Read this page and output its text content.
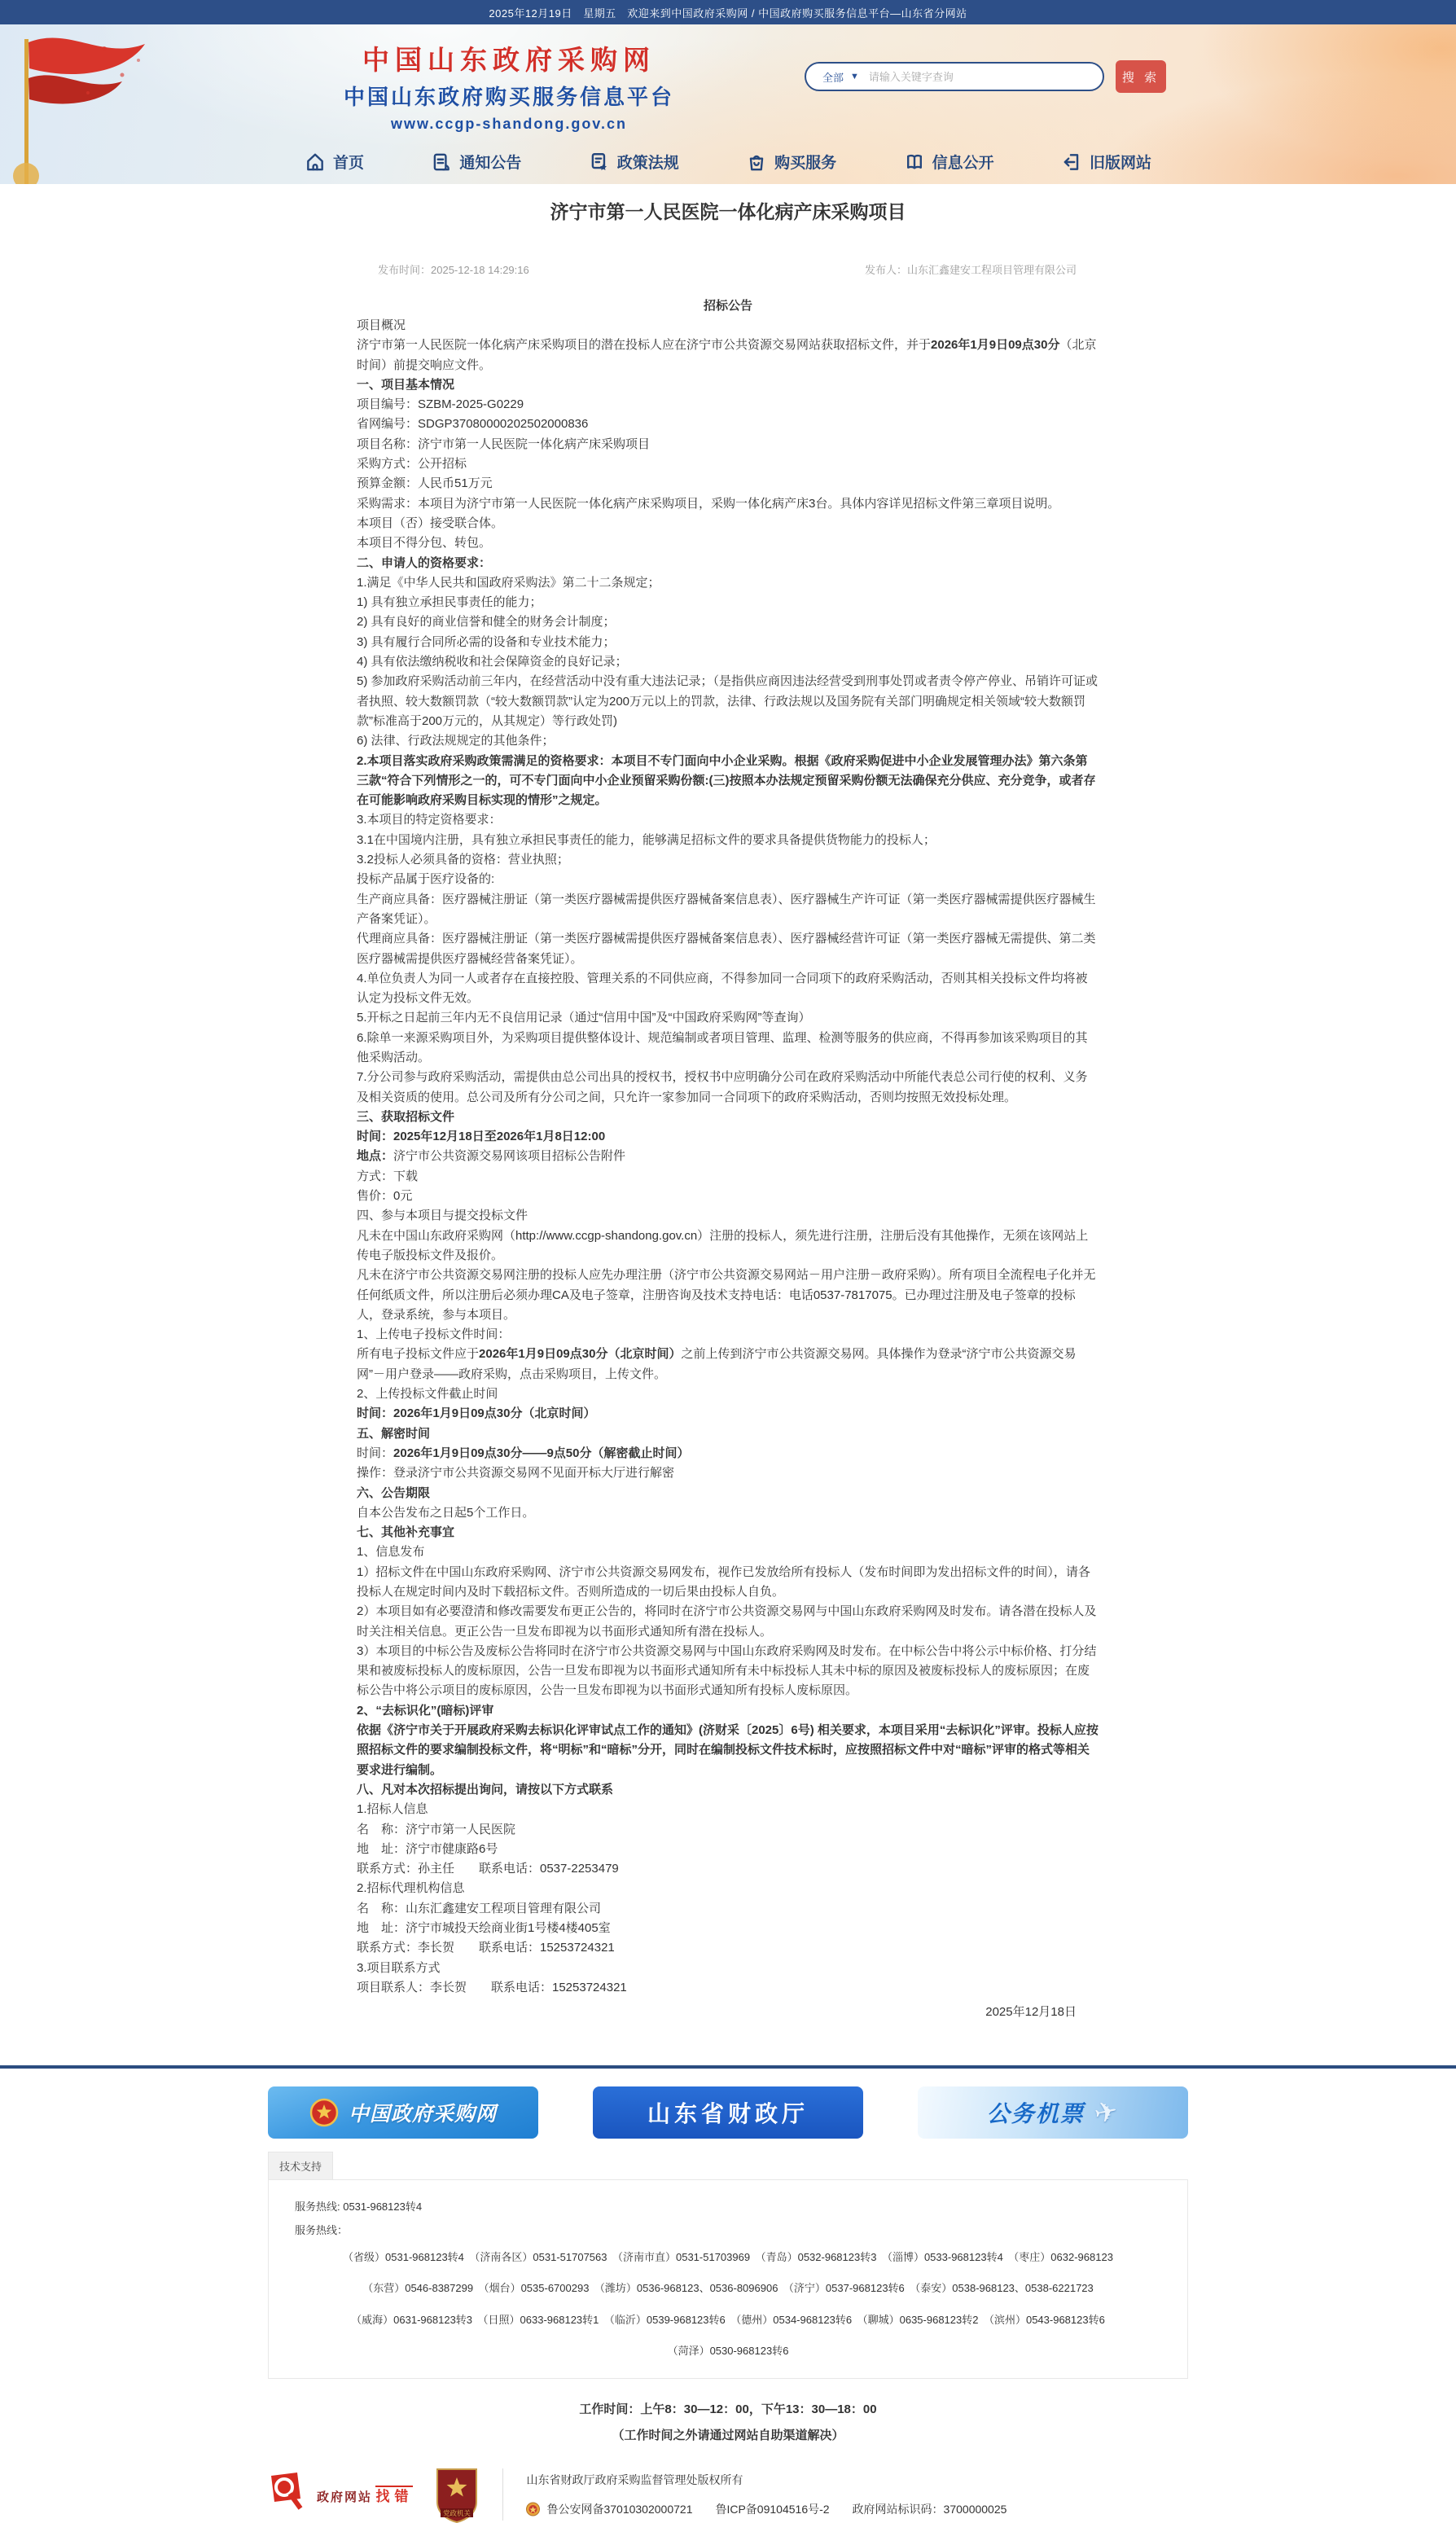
2025年12月19日　星期五　欢迎来到中国政府采购网 / 中国政府购买服务信息平台—山东省分网站
中国山东政府采购网
中国山东政府购买服务信息平台
www.ccgp-shandong.gov.cn
全部 ▼
请输入关键字查询	搜 索
首页	通知公告	政策法规	购买服务	信息公开	旧版网站
济宁市第一人民医院一体化病产床采购项目
发布时间：2025-12-18 14:29:16	发布人：山东汇鑫建安工程项目管理有限公司
招标公告

项目概况

济宁市第一人民医院一体化病产床采购项目的潜在投标人应在济宁市公共资源交易网站获取招标文件，并于2026年1月9日09点30分（北京时间）前提交响应文件。

一、项目基本情况

项目编号：SZBM-2025-G0229

省网编号：SDGP37080000202502000836

项目名称：济宁市第一人民医院一体化病产床采购项目

采购方式：公开招标

预算金额：人民币51万元

采购需求：本项目为济宁市第一人民医院一体化病产床采购项目，采购一体化病产床3台。具体内容详见招标文件第三章项目说明。

本项目（否）接受联合体。

本项目不得分包、转包。

二、申请人的资格要求：

1.满足《中华人民共和国政府采购法》第二十二条规定；

1) 具有独立承担民事责任的能力；

2) 具有良好的商业信誉和健全的财务会计制度；

3) 具有履行合同所必需的设备和专业技术能力；

4) 具有依法缴纳税收和社会保障资金的良好记录；

5) 参加政府采购活动前三年内，在经营活动中没有重大违法记录；（是指供应商因违法经营受到刑事处罚或者责令停产停业、吊销许可证或者执照、较大数额罚款（“较大数额罚款”认定为200万元以上的罚款，法律、行政法规以及国务院有关部门明确规定相关领域“较大数额罚款”标准高于200万元的，从其规定）等行政处罚)

6) 法律、行政法规规定的其他条件；

2.本项目落实政府采购政策需满足的资格要求：本项目不专门面向中小企业采购。根据《政府采购促进中小企业发展管理办法》第六条第三款“符合下列情形之一的，可不专门面向中小企业预留采购份额:(三)按照本办法规定预留采购份额无法确保充分供应、充分竞争，或者存在可能影响政府采购目标实现的情形”之规定。

3.本项目的特定资格要求：

3.1在中国境内注册，具有独立承担民事责任的能力，能够满足招标文件的要求具备提供货物能力的投标人；

3.2投标人必须具备的资格：营业执照；

投标产品属于医疗设备的:

生产商应具备：医疗器械注册证（第一类医疗器械需提供医疗器械备案信息表）、医疗器械生产许可证（第一类医疗器械需提供医疗器械生产备案凭证）。

代理商应具备：医疗器械注册证（第一类医疗器械需提供医疗器械备案信息表）、医疗器械经营许可证（第一类医疗器械无需提供、第二类医疗器械需提供医疗器械经营备案凭证）。

4.单位负责人为同一人或者存在直接控股、管理关系的不同供应商，不得参加同一合同项下的政府采购活动，否则其相关投标文件均将被认定为投标文件无效。

5.开标之日起前三年内无不良信用记录（通过“信用中国”及“中国政府采购网”等查询）

6.除单一来源采购项目外，为采购项目提供整体设计、规范编制或者项目管理、监理、检测等服务的供应商，不得再参加该采购项目的其他采购活动。

7.分公司参与政府采购活动，需提供由总公司出具的授权书，授权书中应明确分公司在政府采购活动中所能代表总公司行使的权利、义务及相关资质的使用。总公司及所有分公司之间，只允许一家参加同一合同项下的政府采购活动，否则均按照无效投标处理。

三、获取招标文件

时间：2025年12月18日至2026年1月8日12:00

地点：济宁市公共资源交易网该项目招标公告附件

方式：下载

售价：0元

四、参与本项目与提交投标文件

凡未在中国山东政府采购网（http://www.ccgp-shandong.gov.cn）注册的投标人，须先进行注册，注册后没有其他操作，无须在该网站上传电子版投标文件及报价。

凡未在济宁市公共资源交易网注册的投标人应先办理注册（济宁市公共资源交易网站－用户注册－政府采购）。所有项目全流程电子化并无任何纸质文件，所以注册后必须办理CA及电子签章，注册咨询及技术支持电话：电话0537-7817075。已办理过注册及电子签章的投标人，登录系统，参与本项目。

1、上传电子投标文件时间：

所有电子投标文件应于2026年1月9日09点30分（北京时间）之前上传到济宁市公共资源交易网。具体操作为登录“济宁市公共资源交易网”－用户登录——政府采购，点击采购项目，上传文件。

2、上传投标文件截止时间

时间：2026年1月9日09点30分（北京时间）

五、解密时间

时间：2026年1月9日09点30分——9点50分（解密截止时间）

操作：登录济宁市公共资源交易网不见面开标大厅进行解密

六、公告期限

自本公告发布之日起5个工作日。

七、其他补充事宜

1、信息发布

1）招标文件在中国山东政府采购网、济宁市公共资源交易网发布，视作已发放给所有投标人（发布时间即为发出招标文件的时间），请各投标人在规定时间内及时下载招标文件。否则所造成的一切后果由投标人自负。

2）本项目如有必要澄清和修改需要发布更正公告的，将同时在济宁市公共资源交易网与中国山东政府采购网及时发布。请各潜在投标人及时关注相关信息。更正公告一旦发布即视为以书面形式通知所有潜在投标人。

3）本项目的中标公告及废标公告将同时在济宁市公共资源交易网与中国山东政府采购网及时发布。在中标公告中将公示中标价格、打分结果和被废标投标人的废标原因，公告一旦发布即视为以书面形式通知所有未中标投标人其未中标的原因及被废标投标人的废标原因；在废标公告中将公示项目的废标原因，公告一旦发布即视为以书面形式通知所有投标人废标原因。

2、“去标识化”(暗标)评审

依据《济宁市关于开展政府采购去标识化评审试点工作的通知》(济财采〔2025〕6号) 相关要求，本项目采用“去标识化”评审。投标人应按照招标文件的要求编制投标文件，将“明标”和“暗标”分开，同时在编制投标文件技术标时，应按照招标文件中对“暗标”评审的格式等相关要求进行编制。

八、凡对本次招标提出询问，请按以下方式联系

1.招标人信息

名　称：济宁市第一人民医院

地　址：济宁市健康路6号

联系方式：孙主任　　联系电话：0537-2253479

2.招标代理机构信息

名　称：山东汇鑫建安工程项目管理有限公司

地　址：济宁市城投天绘商业街1号楼4楼405室

联系方式：李长贺　　联系电话：15253724321

3.项目联系方式

项目联系人：李长贺　　联系电话：15253724321

2025年12月18日

中国政府采购网	山东省财政厅	公务机票 ✈
技术支持
服务热线: 0531-968123转4
服务热线：
（省级）0531-968123转4　（济南各区）0531-51707563　（济南市直）0531-51703969　（青岛）0532-968123转3　（淄博）0533-968123转4　（枣庄）0632-968123
（东营）0546-8387299　（烟台）0535-6700293　（潍坊）0536-968123、0536-8096906　（济宁）0537-968123转6　（泰安）0538-968123、0538-6221723
（威海）0631-968123转3　（日照）0633-968123转1　（临沂）0539-968123转6　（德州）0534-968123转6　（聊城）0635-968123转2　（滨州）0543-968123转6
（菏泽）0530-968123转6
工作时间：上午8：30—12：00，下午13：30—18：00
（工作时间之外请通过网站自助渠道解决）
政府网站 找错
党政机关
山东省财政厅政府采购监督管理处版权所有
鲁公安网备37010302000721　　鲁ICP备09104516号-2　　政府网站标识码：3700000025
